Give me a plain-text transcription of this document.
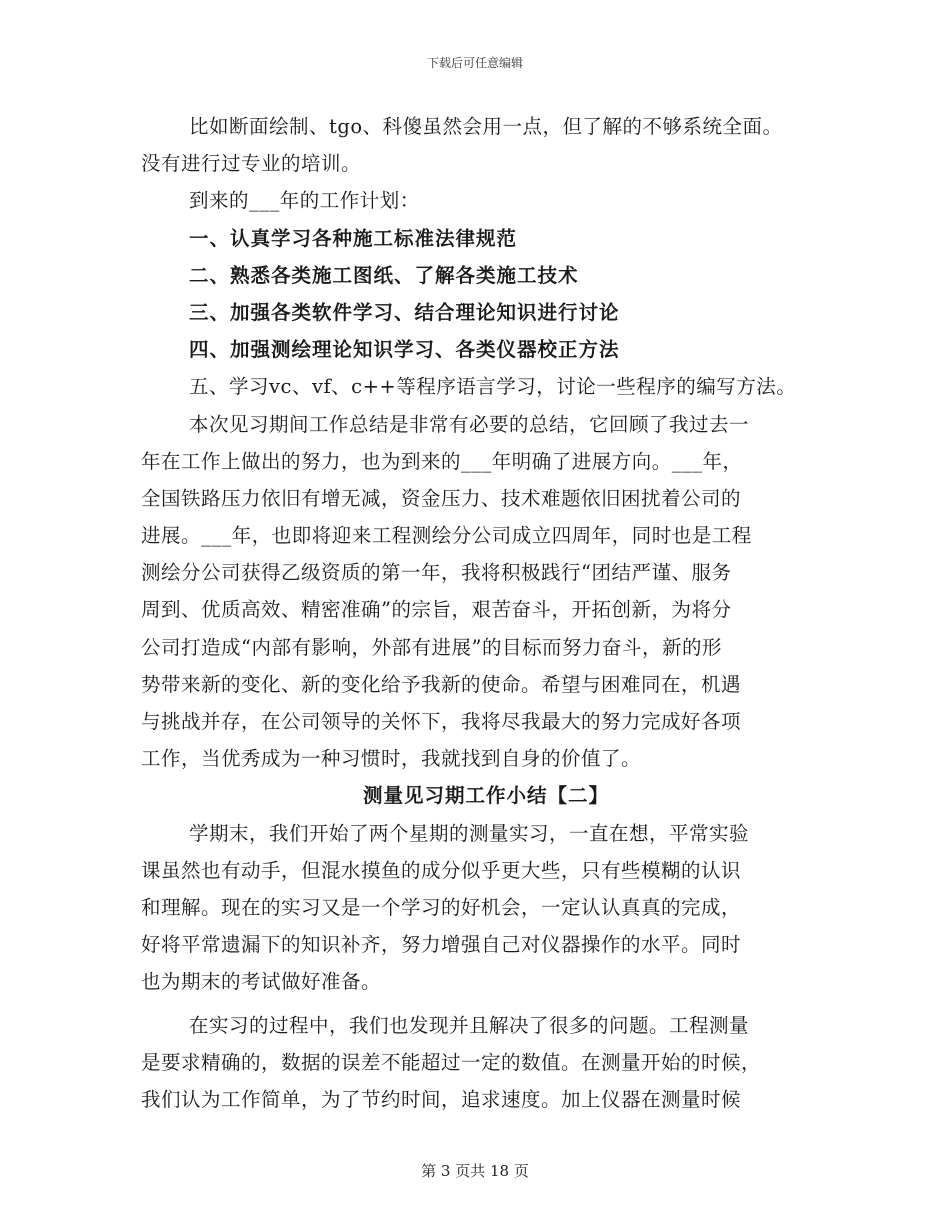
下载后可任意编辑
比如断面绘制、tgo、科傻虽然会用一点，但了解的不够系统全面。
没有进行过专业的培训。
到来的___年的工作计划：
一、认真学习各种施工标准法律规范
二、熟悉各类施工图纸、了解各类施工技术
三、加强各类软件学习、结合理论知识进行讨论
四、加强测绘理论知识学习、各类仪器校正方法
五、学习vc、vf、c++等程序语言学习，讨论一些程序的编写方法。
本次见习期间工作总结是非常有必要的总结，它回顾了我过去一
年在工作上做出的努力，也为到来的___年明确了进展方向。___年，
全国铁路压力依旧有增无减，资金压力、技术难题依旧困扰着公司的
进展。___年，也即将迎来工程测绘分公司成立四周年，同时也是工程
测绘分公司获得乙级资质的第一年，我将积极践行“团结严谨、服务
周到、优质高效、精密准确”的宗旨，艰苦奋斗，开拓创新，为将分
公司打造成“内部有影响，外部有进展”的目标而努力奋斗，新的形
势带来新的变化、新的变化给予我新的使命。希望与困难同在，机遇
与挑战并存，在公司领导的关怀下，我将尽我最大的努力完成好各项
工作，当优秀成为一种习惯时，我就找到自身的价值了。
测量见习期工作小结【二】
学期末，我们开始了两个星期的测量实习，一直在想，平常实验
课虽然也有动手，但混水摸鱼的成分似乎更大些，只有些模糊的认识
和理解。现在的实习又是一个学习的好机会，一定认认真真的完成，
好将平常遗漏下的知识补齐，努力增强自己对仪器操作的水平。同时
也为期末的考试做好准备。
在实习的过程中，我们也发现并且解决了很多的问题。工程测量
是要求精确的，数据的误差不能超过一定的数值。在测量开始的时候，
我们认为工作简单，为了节约时间，追求速度。加上仪器在测量时候
第 3 页共 18 页
